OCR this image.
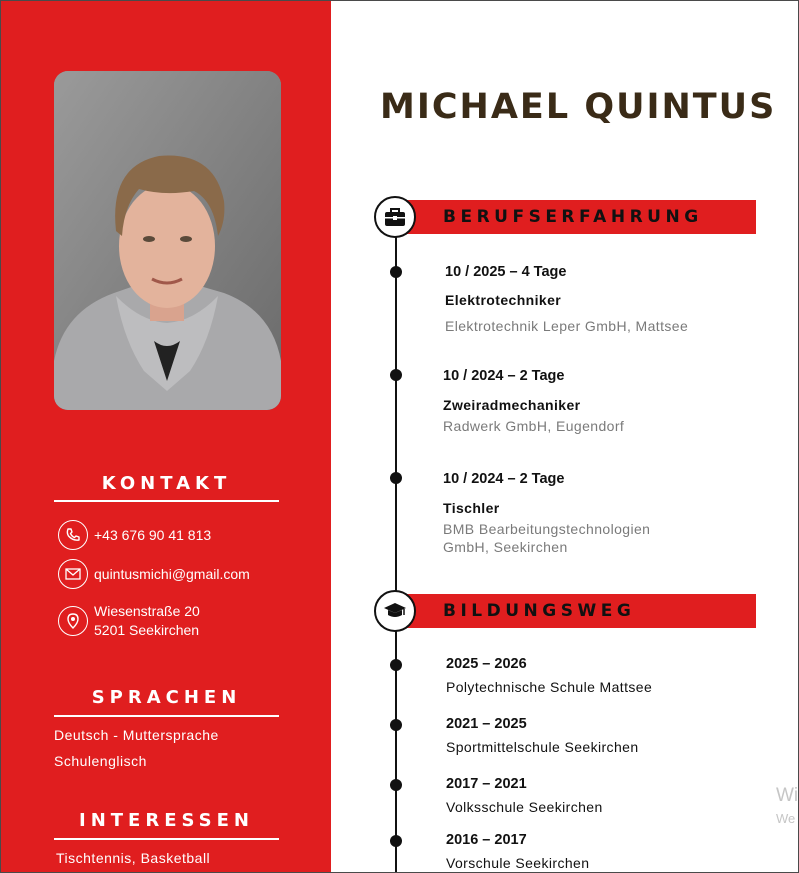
KONTAKT
+43 676 90 41 813
quintusmichi@gmail.com
Wiesenstraße 20
5201 Seekirchen
SPRACHEN
Deutsch - Muttersprache
Schulenglisch
INTERESSEN
Tischtennis, Basketball
MICHAEL QUINTUS
BERUFSERFAHRUNG
10 / 2025 – 4 Tage
Elektrotechniker
Elektrotechnik Leper GmbH, Mattsee
10 / 2024 – 2 Tage
Zweiradmechaniker
Radwerk GmbH, Eugendorf
10 / 2024 – 2 Tage
Tischler
BMB Bearbeitungstechnologien GmbH, Seekirchen
BILDUNGSWEG
2025 – 2026
Polytechnische Schule Mattsee
2021 – 2025
Sportmittelschule Seekirchen
2017 – 2021
Volksschule Seekirchen
2016 – 2017
Vorschule Seekirchen
Wi
We
